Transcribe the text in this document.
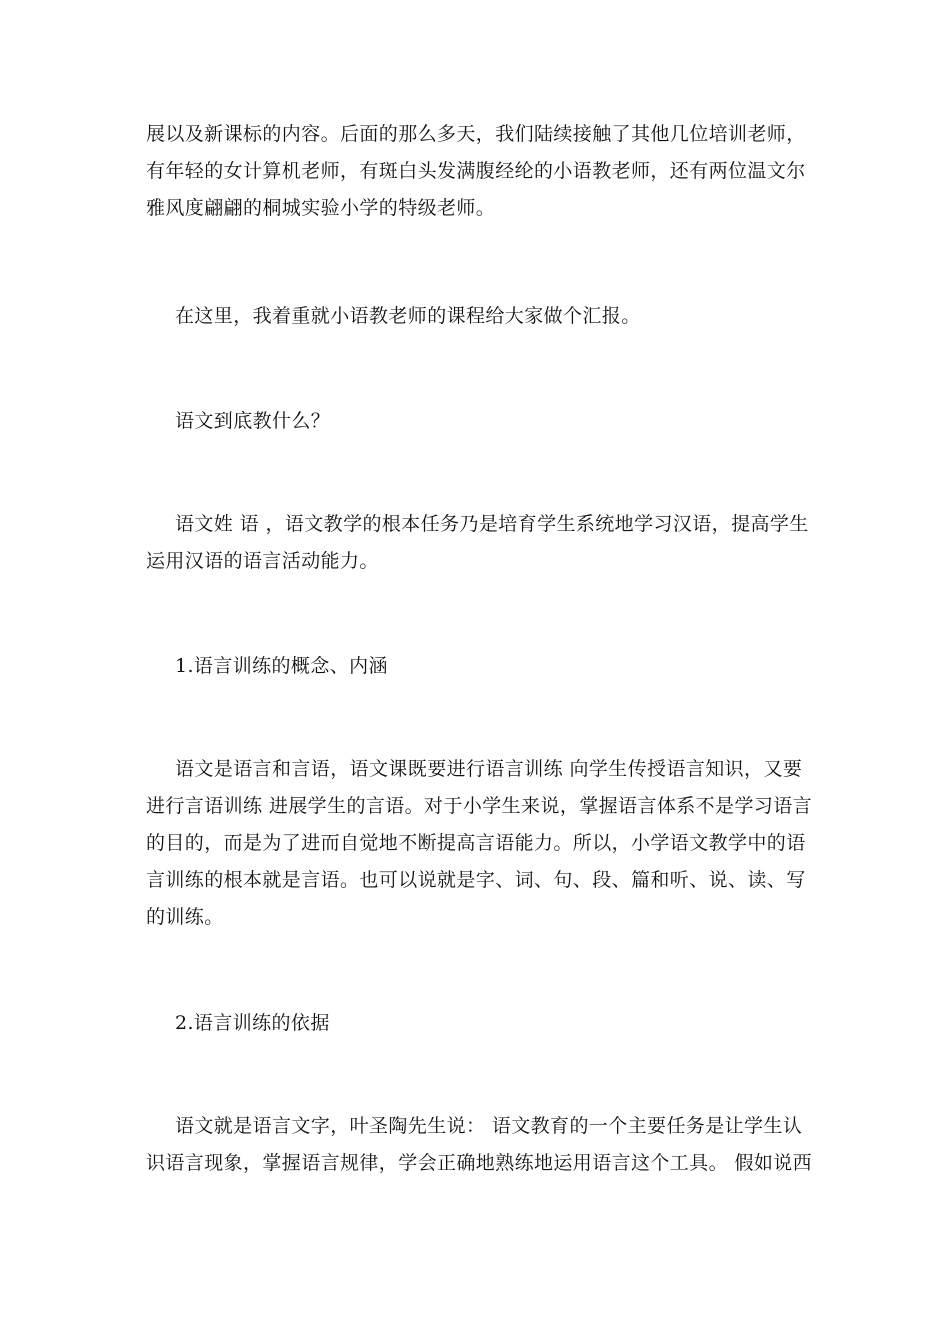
展以及新课标的内容。后面的那么多天，我们陆续接触了其他几位培训老师，
有年轻的女计算机老师，有斑白头发满腹经纶的小语教老师，还有两位温文尔
雅风度翩翩的桐城实验小学的特级老师。
在这里，我着重就小语教老师的课程给大家做个汇报。
语文到底教什么？
语文姓 语 ，语文教学的根本任务乃是培育学生系统地学习汉语，提高学生
运用汉语的语言活动能力。
1.语言训练的概念、内涵
语文是语言和言语，语文课既要进行语言训练 向学生传授语言知识，又要
进行言语训练 进展学生的言语。对于小学生来说，掌握语言体系不是学习语言
的目的，而是为了进而自觉地不断提高言语能力。所以，小学语文教学中的语
言训练的根本就是言语。也可以说就是字、词、句、段、篇和听、说、读、写
的训练。
2.语言训练的依据
语文就是语言文字，叶圣陶先生说： 语文教育的一个主要任务是让学生认
识语言现象，掌握语言规律，学会正确地熟练地运用语言这个工具。 假如说西
